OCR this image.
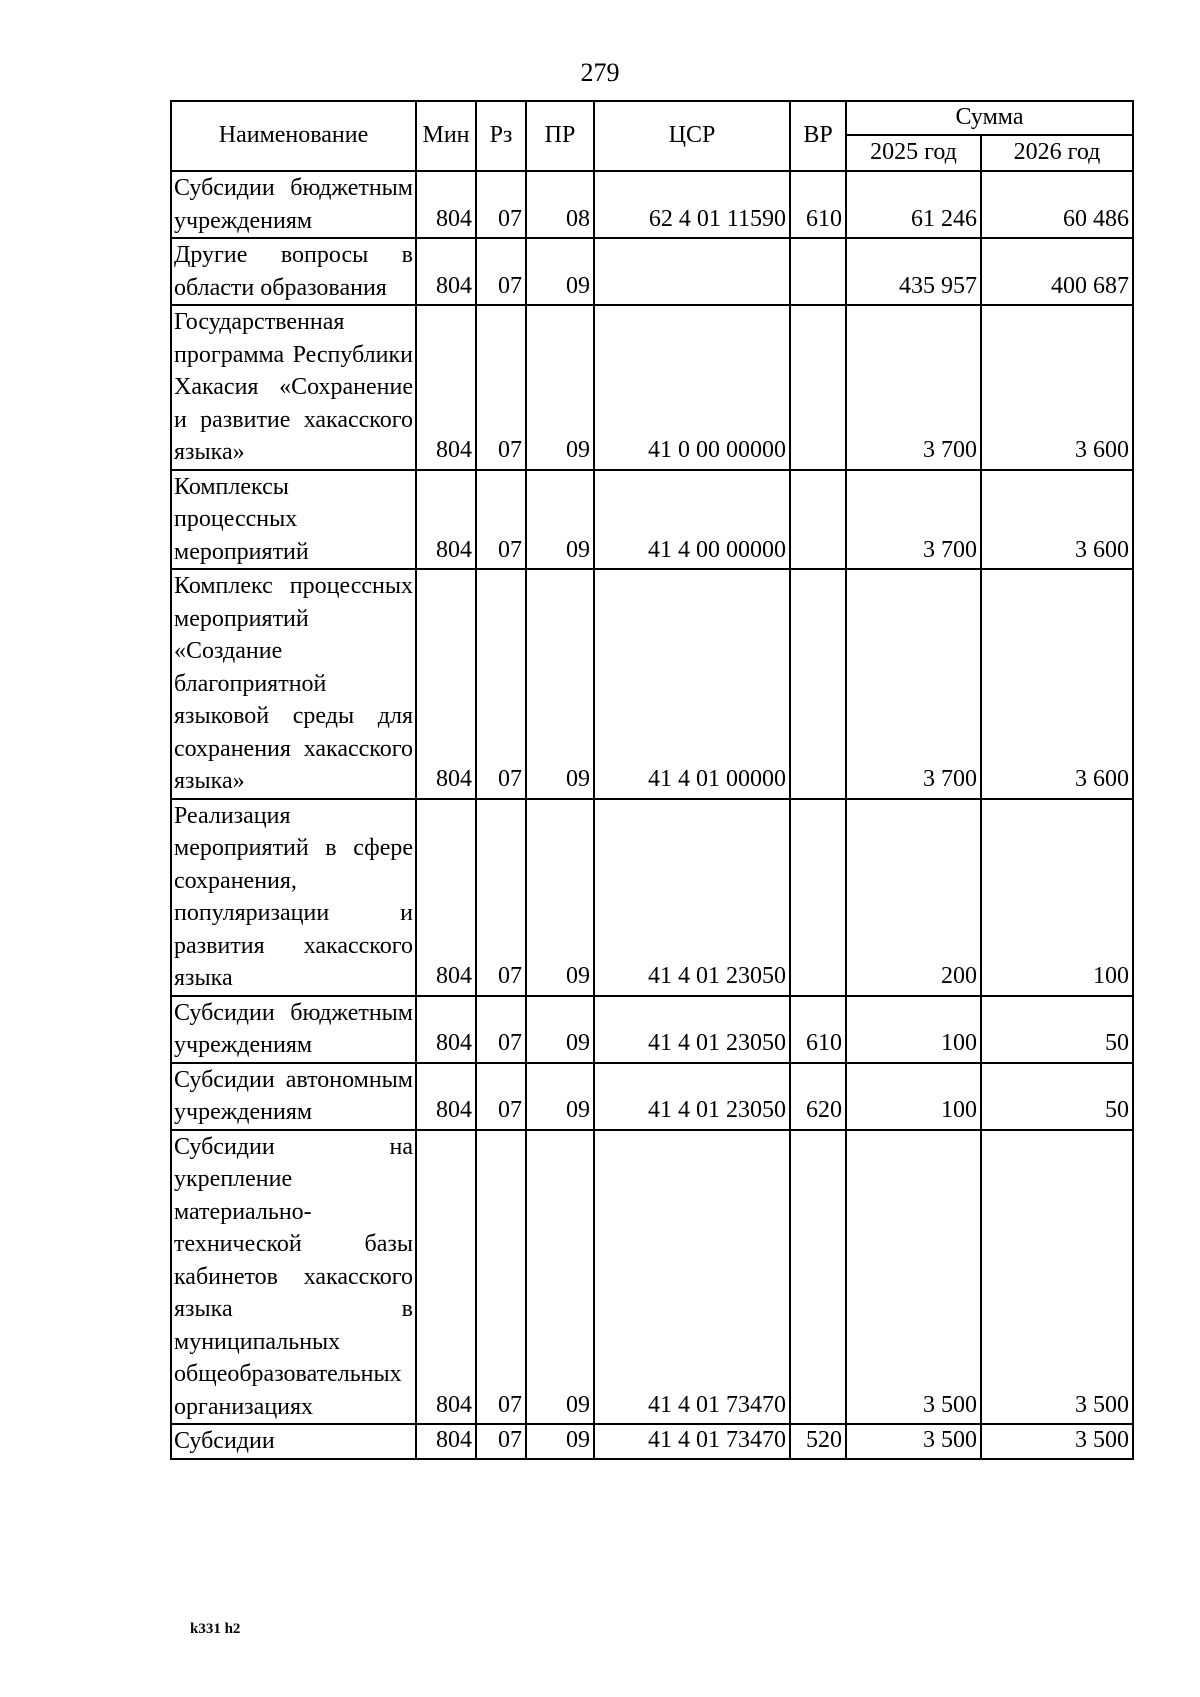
279
Наименование	Мин	Рз	ПР	ЦСР	ВР	Сумма	
						2025 год	2026 год
Субсидии бюджетным учреждениям	804	07	08	62 4 01 11590	610	61 246	60 486
Другие вопросы в области образования	804	07	09			435 957	400 687
Государственная программа Республики Хакасия «Сохранение и развитие хакасского языка»	804	07	09	41 0 00 00000		3 700	3 600
Комплексы процессных мероприятий	804	07	09	41 4 00 00000		3 700	3 600
Комплекс процессных мероприятий «Создание благоприятной языковой среды для сохранения хакасского языка»	804	07	09	41 4 01 00000		3 700	3 600
Реализация мероприятий в сфере сохранения, популяризации и развития хакасского языка	804	07	09	41 4 01 23050		200	100
Субсидии бюджетным учреждениям	804	07	09	41 4 01 23050	610	100	50
Субсидии автономным учреждениям	804	07	09	41 4 01 23050	620	100	50
Субсидии на укрепление материально-технической базы кабинетов хакасского языка в муниципальных общеобразовательных организациях	804	07	09	41 4 01 73470		3 500	3 500
Субсидии	804	07	09	41 4 01 73470	520	3 500	3 500
k331 h2
